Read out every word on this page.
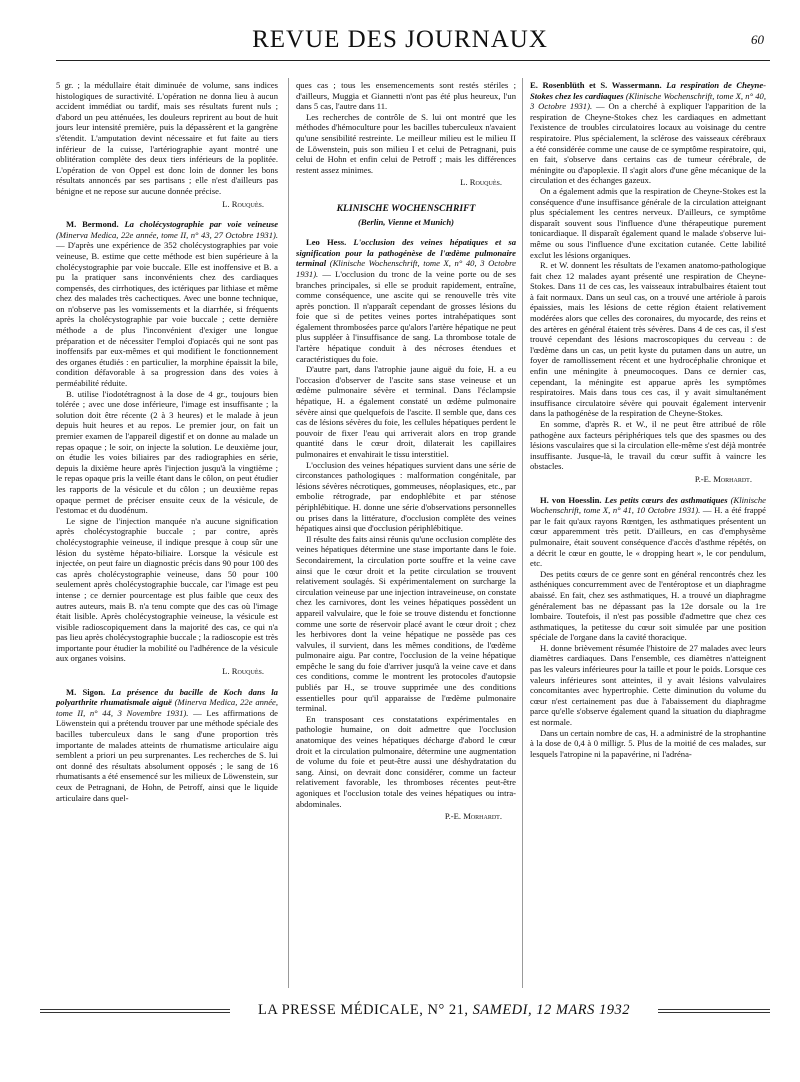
REVUE DES JOURNAUX	60

5 gr. ; la médullaire était diminuée de volume, sans indices histologiques de suractivité. L'opération ne donna lieu à aucun accident immédiat ou tardif, mais ses résultats furent nuls ; d'abord un peu atténuées, les douleurs reprirent au bout de huit jours leur intensité première, puis la dépassèrent et la gangrène s'étendit. L'amputation devint nécessaire et fut faite au tiers inférieur de la cuisse, l'artériographie ayant montré une oblitération complète des deux tiers inférieurs de la poplitée. L'opération de von Oppel est donc loin de donner les bons résultats annoncés par ses partisans ; elle n'est d'ailleurs pas bénigne et ne repose sur aucune donnée précise.

L. Rouquès.

M. Bermond. La cholécystographie par voie veineuse (Minerva Medica, 22e année, tome II, n° 43, 27 Octobre 1931). — D'après une expérience de 352 cholécystographies par voie veineuse, B. estime que cette méthode est bien supérieure à la cholécystographie par voie buccale. Elle est inoffensive et B. a pu la pratiquer sans inconvénients chez des cardiaques compensés, des cirrhotiques, des ictériques par lithiase et même chez des malades très cachectiques. Avec une bonne technique, on n'observe pas les vomissements et la diarrhée, si fréquents après la cholécystographie par voie buccale ; cette dernière méthode a de plus l'inconvénient d'exiger une longue préparation et de nécessiter l'emploi d'opiacés qui ne sont pas inoffensifs par eux-mêmes et qui modifient le fonctionnement des organes étudiés : en particulier, la morphine épaissit la bile, condition défavorable à sa progression dans des voies à perméabilité réduite.

B. utilise l'iodotétragnost à la dose de 4 gr., toujours bien tolérée ; avec une dose inférieure, l'image est insuffisante ; la solution doit être récente (2 à 3 heures) et le malade à jeun depuis huit heures et au repos. Le premier jour, on fait un premier examen de l'appareil digestif et on donne au malade un repas opaque ; le soir, on injecte la solution. Le deuxième jour, on étudie les voies biliaires par des radiographies en série, depuis la dixième heure après l'injection jusqu'à la vingtième ; le repas opaque pris la veille étant dans le côlon, on peut étudier les rapports de la vésicule et du côlon ; un deuxième repas opaque permet de préciser ensuite ceux de la vésicule, de l'estomac et du duodénum.

Le signe de l'injection manquée n'a aucune signification après cholécystographie buccale ; par contre, après cholécystographie veineuse, il indique presque à coup sûr une lésion du système hépato-biliaire. Lorsque la vésicule est injectée, on peut faire un diagnostic précis dans 90 pour 100 des cas après cholécystographie veineuse, dans 50 pour 100 seulement après cholécystographie buccale, car l'image est peu intense ; ce dernier pourcentage est plus faible que ceux des autres auteurs, mais B. n'a tenu compte que des cas où l'image était lisible. Après cholécystographie veineuse, la vésicule est visible radioscopiquement dans la majorité des cas, ce qui n'a pas lieu après cholécystographie buccale ; la radioscopie est très importante pour étudier la mobilité ou l'adhérence de la vésicule aux organes voisins.

L. Rouquès.

M. Sigon. La présence du bacille de Koch dans la polyarthrite rhumatismale aiguë (Minerva Medica, 22e année, tome II, n° 44, 3 Novembre 1931). — Les affirmations de Löwenstein qui a prétendu trouver par une méthode spéciale des bacilles tuberculeux dans le sang d'une proportion très importante de malades atteints de rhumatisme articulaire aigu semblent a priori un peu surprenantes. Les recherches de S. lui ont donné des résultats absolument opposés ; le sang de 16 rhumatisants a été ensemencé sur les milieux de Löwenstein, sur ceux de Petragnani, de Hohn, de Petroff, ainsi que le liquide articulaire dans quel-

ques cas ; tous les ensemencements sont restés stériles ; d'ailleurs, Muggia et Giannetti n'ont pas été plus heureux, l'un dans 5 cas, l'autre dans 11.

Les recherches de contrôle de S. lui ont montré que les méthodes d'hémoculture pour les bacilles tuberculeux n'avaient qu'une sensibilité restreinte. Le meilleur milieu est le milieu II de Löwenstein, puis son milieu I et celui de Petragnani, puis celui de Hohn et enfin celui de Petroff ; mais les différences restent assez minimes.

L. Rouquès.
KLINISCHE WOCHENSCHRIFT
(Berlin, Vienne et Munich)

Leo Hess. L'occlusion des veines hépatiques et sa signification pour la pathogénèse de l'œdème pulmonaire terminal (Klinische Wochenschrift, tome X, n° 40, 3 Octobre 1931). — L'occlusion du tronc de la veine porte ou de ses branches principales, si elle se produit rapidement, entraîne, comme conséquence, une ascite qui se renouvelle très vite après ponction. Il n'apparaît cependant de grosses lésions du foie que si de petites veines portes intrahépatiques sont également thrombosées parce qu'alors l'artère hépatique ne peut plus suppléer à l'insuffisance de sang. La thrombose totale de l'artère hépatique conduit à des nécroses étendues et caractéristiques du foie.

D'autre part, dans l'atrophie jaune aiguë du foie, H. a eu l'occasion d'observer de l'ascite sans stase veineuse et un œdème pulmonaire sévère et terminal. Dans l'éclampsie hépatique, H. a également constaté un œdème pulmonaire sévère ainsi que quelquefois de l'ascite. Il semble que, dans ces cas de lésions sévères du foie, les cellules hépatiques perdent le pouvoir de fixer l'eau qui arriverait alors en trop grande quantité dans le cœur droit, dilaterait les capillaires pulmonaires et envahirait le tissu interstitiel.

L'occlusion des veines hépatiques survient dans une série de circonstances pathologiques : malformation congénitale, par lésions sévères nécrotiques, gommeuses, néoplasiques, etc., par embolie rétrograde, par endophlébite et par sténose périphlébitique. H. donne une série d'observations personnelles ou prises dans la littérature, d'occlusion complète des veines hépatiques ainsi que d'occlusion périphlébitique.

Il résulte des faits ainsi réunis qu'une occlusion complète des veines hépatiques détermine une stase importante dans le foie. Secondairement, la circulation porte souffre et la veine cave ainsi que le cœur droit et la petite circulation se trouvent relativement soulagés. Si expérimentalement on surcharge la circulation veineuse par une injection intraveineuse, on constate chez les carnivores, dont les veines hépatiques possèdent un appareil valvulaire, que le foie se trouve distendu et fonctionne comme une sorte de réservoir placé avant le cœur droit ; chez les herbivores dont la veine hépatique ne possède pas ces valvules, il survient, dans les mêmes conditions, de l'œdème pulmonaire aigu. Par contre, l'occlusion de la veine hépatique empêche le sang du foie d'arriver jusqu'à la veine cave et dans ces conditions, comme le montrent les protocoles d'autopsie publiés par H., se trouve supprimée une des conditions essentielles pour qu'il apparaisse de l'œdème pulmonaire terminal.

En transposant ces constatations expérimentales en pathologie humaine, on doit admettre que l'occlusion anatomique des veines hépatiques décharge d'abord le cœur droit et la circulation pulmonaire, détermine une augmentation de volume du foie et peut-être aussi une déshydratation du sang. Ainsi, on devrait donc considérer, comme un facteur relativement favorable, les thromboses récentes peut-être agoniques et l'occlusion totale des veines hépatiques ou intra-abdominales.

P.-E. Morhardt.

E. Rosenblüth et S. Wassermann. La respiration de Cheyne-Stokes chez les cardiaques (Klinische Wochenschrift, tome X, n° 40, 3 Octobre 1931). — On a cherché à expliquer l'apparition de la respiration de Cheyne-Stokes chez les cardiaques en admettant l'existence de troubles circulatoires locaux au voisinage du centre respiratoire. Plus spécialement, la sclérose des vaisseaux cérébraux a été considérée comme une cause de ce symptôme respiratoire, qui, en fait, s'observe dans certains cas de tumeur cérébrale, de méningite ou d'apoplexie. Il s'agit alors d'une gêne mécanique de la circulation et des échanges gazeux.

On a également admis que la respiration de Cheyne-Stokes est la conséquence d'une insuffisance générale de la circulation atteignant plus spécialement les centres nerveux. D'ailleurs, ce symptôme disparaît souvent sous l'influence d'une thérapeutique purement tonicardiaque. Il disparaît également quand le malade s'observe lui-même ou sous l'influence d'une excitation cutanée. Cette labilité exclut les lésions organiques.

R. et W. donnent les résultats de l'examen anatomo-pathologique fait chez 12 malades ayant présenté une respiration de Cheyne-Stokes. Dans 11 de ces cas, les vaisseaux intrabulbaires étaient tout à fait normaux. Dans un seul cas, on a trouvé une artériole à parois épaissies, mais les lésions de cette région étaient relativement modérées alors que celles des coronaires, du myocarde, des reins et des artères en général étaient très sévères. Dans 4 de ces cas, il s'est trouvé cependant des lésions macroscopiques du cerveau : de l'œdème dans un cas, un petit kyste du putamen dans un autre, un foyer de ramollissement récent et une hydrocéphalie chronique et enfin une méningite à pneumocoques. Dans ce dernier cas, cependant, la méningite est apparue après les symptômes respiratoires. Mais dans tous ces cas, il y avait simultanément insuffisance circulatoire sévère qui pouvait également intervenir dans la pathogénèse de la respiration de Cheyne-Stokes.

En somme, d'après R. et W., il ne peut être attribué de rôle pathogène aux facteurs périphériques tels que des spasmes ou des lésions vasculaires que si la circulation elle-même s'est déjà montrée insuffisante. Jusque-là, le travail du cœur suffit à vaincre les obstacles.

P.-E. Morhardt.

H. von Hoesslin. Les petits cœurs des asthmatiques (Klinische Wochenschrift, tome X, n° 41, 10 Octobre 1931). — H. a été frappé par le fait qu'aux rayons Rœntgen, les asthmatiques présentent un cœur apparemment très petit. D'ailleurs, en cas d'emphysème pulmonaire, était souvent conséquence d'accès d'asthme répétés, on a décrit le cœur en goutte, le « dropping heart », le cor pendulum, etc.

Des petits cœurs de ce genre sont en général rencontrés chez les asthéniques concurremment avec de l'entéroptose et un diaphragme abaissé. En fait, chez ses asthmatiques, H. a trouvé un diaphragme généralement bas ne dépassant pas la 12e dorsale ou la 1re lombaire. Toutefois, il n'est pas possible d'admettre que chez ces asthmatiques, la petitesse du cœur soit simulée par une position spéciale de l'organe dans la cavité thoracique.

H. donne brièvement résumée l'histoire de 27 malades avec leurs diamètres cardiaques. Dans l'ensemble, ces diamètres n'atteignent pas les valeurs inférieures pour la taille et pour le poids. Lorsque ces valeurs inférieures sont atteintes, il y avait lésions valvulaires concomitantes avec hypertrophie. Cette diminution du volume du cœur n'est certainement pas due à l'abaissement du diaphragme parce qu'elle s'observe également quand la situation du diaphragme est normale.

Dans un certain nombre de cas, H. a administré de la strophantine à la dose de 0,4 à 0 milligr. 5. Plus de la moitié de ces malades, sur lesquels l'atropine ni la papavérine, ni l'adréna-

LA PRESSE MÉDICALE, N° 21, SAMEDI, 12 MARS 1932
